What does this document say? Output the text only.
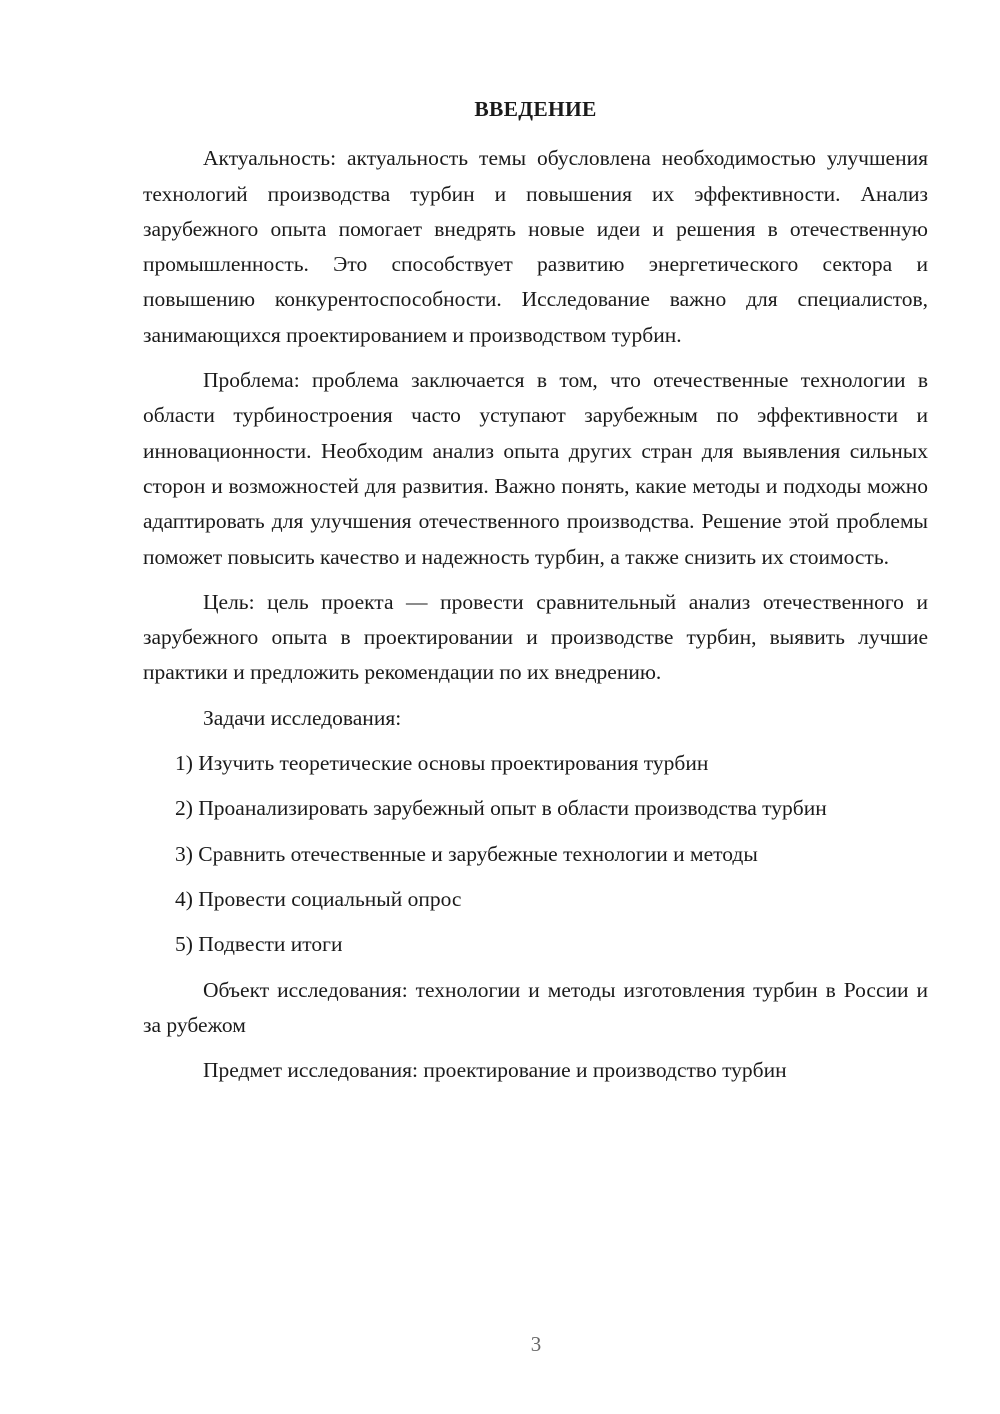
ВВЕДЕНИЕ

Актуальность: актуальность темы обусловлена необходимостью улучшения технологий производства турбин и повышения их эффективности. Анализ зарубежного опыта помогает внедрять новые идеи и решения в отечественную промышленность. Это способствует развитию энергетического сектора и повышению конкурентоспособности. Исследование важно для специалистов, занимающихся проектированием и производством турбин.

Проблема: проблема заключается в том, что отечественные технологии в области турбиностроения часто уступают зарубежным по эффективности и инновационности. Необходим анализ опыта других стран для выявления сильных сторон и возможностей для развития. Важно понять, какие методы и подходы можно адаптировать для улучшения отечественного производства. Решение этой проблемы поможет повысить качество и надежность турбин, а также снизить их стоимость.

Цель: цель проекта — провести сравнительный анализ отечественного и зарубежного опыта в проектировании и производстве турбин, выявить лучшие практики и предложить рекомендации по их внедрению.

Задачи исследования:

1) Изучить теоретические основы проектирования турбин

2) Проанализировать зарубежный опыт в области производства турбин

3) Сравнить отечественные и зарубежные технологии и методы

4) Провести социальный опрос

5) Подвести итоги

Объект исследования: технологии и методы изготовления турбин в России и за рубежом

Предмет исследования: проектирование и производство турбин

3
